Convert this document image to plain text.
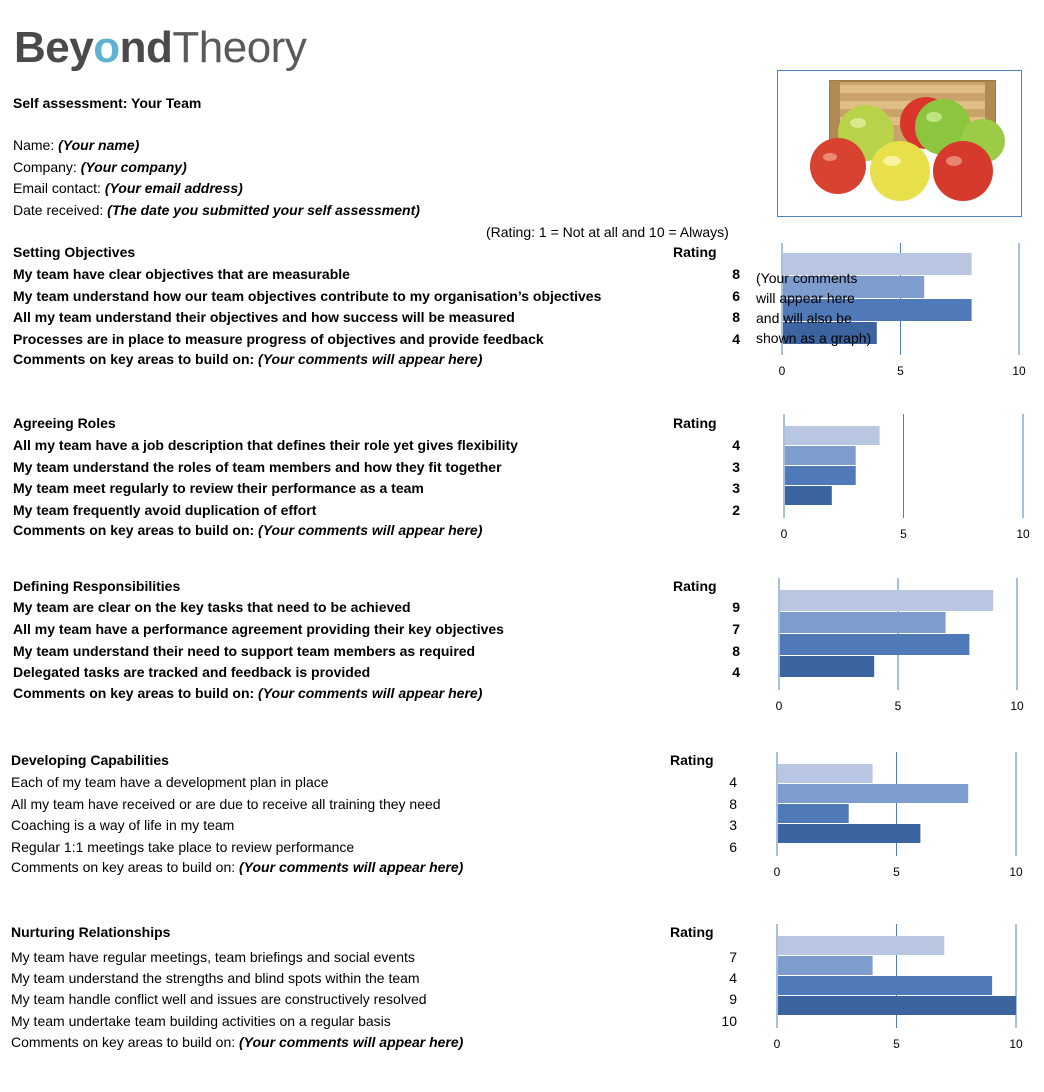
BeyondTheory
Self assessment: Your Team
Name: (Your name)
Company: (Your company)
Email contact: (Your email address)
Date received: (The date you submitted your self assessment)
(Rating: 1 = Not at all and 10 = Always)
Setting Objectives	Rating
My team have clear objectives that are measurable	8
My team understand how our team objectives contribute to my organisation’s objectives	6
All my team understand their objectives and how success will be measured	8
Processes are in place to measure progress of objectives and provide feedback	4
Comments on key areas to build on: (Your comments will appear here)
0	5	10
Agreeing Roles	Rating
All my team have a job description that defines their role yet gives flexibility	4
My team understand the roles of team members and how they fit together	3
My team meet regularly to review their performance as a team	3
My team frequently avoid duplication of effort	2
Comments on key areas to build on: (Your comments will appear here)	0	5	10
Defining Responsibilities	Rating
My team are clear on the key tasks that need to be achieved	9
All my team have a performance agreement providing their key objectives	7
My team understand their need to support team members as required	8
Delegated tasks are tracked and feedback is provided	4
Comments on key areas to build on: (Your comments will appear here)
0	5	10
Developing Capabilities	Rating
Each of my team have a development plan in place	4
All my team have received or are due to receive all training they need	8
Coaching is a way of life in my team	3
Regular 1:1 meetings take place to review performance	6
Comments on key areas to build on: (Your comments will appear here)	0	5	10
Nurturing Relationships	Rating
My team have regular meetings, team briefings and social events	7
My team understand the strengths and blind spots within the team	4
My team handle conflict well and issues are constructively resolved	9
My team undertake team building activities on a regular basis	10
Comments on key areas to build on: (Your comments will appear here)	0	5	10
(Your comments
will appear here
and will also be
shown as a graph)
